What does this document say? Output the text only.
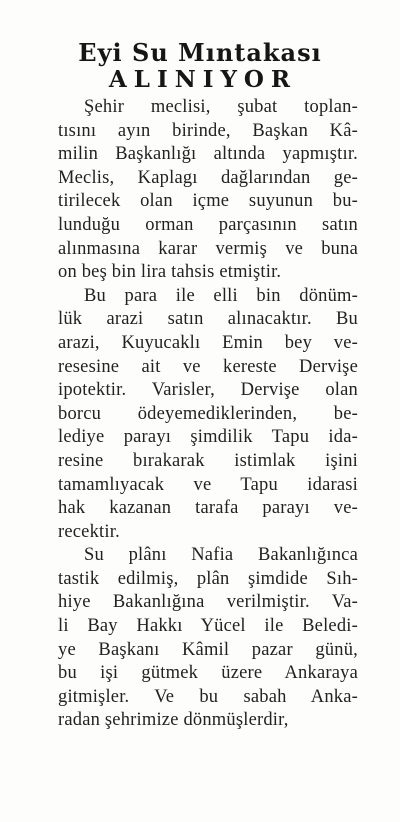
Eyi Su Mıntakası
ALINIYOR
Şehir meclisi, şubat toplan-
tısını ayın birinde, Başkan Kâ-
milin Başkanlığı altında yapmıştır.
Meclis, Kaplagı dağlarından ge-
tirilecek olan içme suyunun bu-
lunduğu orman parçasının satın
alınmasına karar vermiş ve buna
on beş bin lira tahsis etmiştir.
Bu para ile elli bin dönüm-
lük arazi satın alınacaktır. Bu
arazi, Kuyucaklı Emin bey ve-
resesine ait ve kereste Dervişe
ipotektir. Varisler, Dervişe olan
borcu ödeyemediklerinden, be-
lediye parayı şimdilik Tapu ida-
resine bırakarak istimlak işini
tamamlıyacak ve Tapu idarasi
hak kazanan tarafa parayı ve-
recektir.
Su plânı Nafia Bakanlığınca
tastik edilmiş, plân şimdide Sıh-
hiye Bakanlığına verilmiştir. Va-
li Bay Hakkı Yücel ile Beledi-
ye Başkanı Kâmil pazar günü,
bu işi gütmek üzere Ankaraya
gitmişler. Ve bu sabah Anka-
radan şehrimize dönmüşlerdir,
